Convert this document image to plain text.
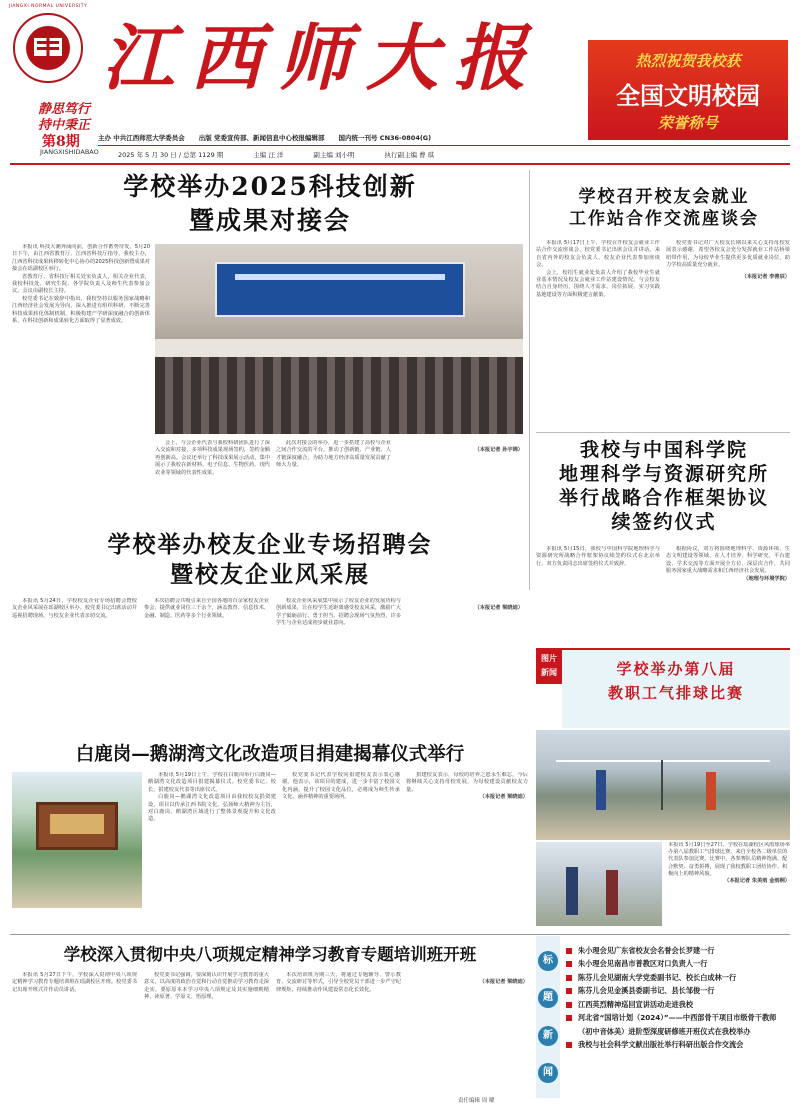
JIANGXI NORMAL UNIVERSITY
1940 江西师大报
静思笃行
持中秉正
第8期
JIANGXISHIDABAO
热烈祝贺我校获
全国文明校园
荣誉称号
主办 中共江西师范大学委员会 出版 党委宣传部、新闻信息中心校报编辑部 国内统一刊号 CN36-0804(G)
2025 年 5 月 30 日 / 总第 1129 期	主编 汪 洋	副主编 刘小明	执行副主编 曹 琪
学校举办2025科技创新
暨成果对接会

本报讯 科技大潮奔涌向前，创新合作蓄势待发。5月20日下午，由江西省教育厅、江西省科技厅指导，我校主办，江西省科技成果转移转化中心协办的2025科技创新暨成果对接会在瑶湖校区举行。

省教育厅、省科技厅相关处室负责人，相关企业代表，我校科技处、研究生院、各学院负责人及师生代表参加会议。会议由副校长主持。

校党委书记在致辞中指出，我校坚持以服务国家战略和江西经济社会发展为导向，深入推进有组织科研，不断完善科技成果转化体制机制，积极构建产学研深度融合的创新体系，在科技创新和成果转化方面取得了显著成效。

会上，与会企业代表与我校科研团队进行了深入交流和对接，多项科技成果现场签约，签约金额再创新高。会议还举行了科技成果展示活动，集中展示了我校在新材料、电子信息、生物医药、现代农业等领域的代表性成果。

此次对接会的举办，进一步搭建了高校与企业之间合作交流的平台，推动了创新链、产业链、人才链深度融合，为助力地方经济高质量发展贡献了师大力量。

（本报记者 孙宇锦）
学校召开校友会就业
工作站合作交流座谈会

本报讯 5月17日上午，学校召开校友会就业工作站合作交流座谈会，校党委书记出席会议并讲话。来自省内外的校友会负责人、校友企业代表参加座谈会。

会上，校招生就业处负责人介绍了我校毕业生就业基本情况及校友会就业工作站建设情况。与会校友结合自身经历，围绕人才需求、岗位拓展、实习实践基地建设等方面积极建言献策。

校党委书记对广大校友长期以来关心支持母校发展表示感谢，希望各校友会充分发挥就业工作站桥梁纽带作用，为母校毕业生提供更多优质就业岗位，助力学校高质量充分就业。

（本报记者 李善辰）
我校与中国科学院
地理科学与资源研究所
举行战略合作框架协议
续签约仪式

本报讯 5月15日，我校与中国科学院地理科学与资源研究所战略合作框架协议续签约仪式在北京举行。双方负责同志出席签约仪式并致辞。

根据协议，双方将围绕地理科学、资源环境、生态文明建设等领域，在人才培养、科学研究、平台建设、学术交流等方面开展全方位、深层次合作，共同服务国家重大战略需求和江西经济社会发展。

（地理与环境学院）
学校举办校友企业专场招聘会
暨校友企业风采展

本报讯 5月24日，学校校友企业专场招聘会暨校友企业风采展在瑶湖校区举办。校党委书记出席活动并巡视招聘现场，与校友企业代表亲切交流。

本次招聘会共吸引来自全国各地的百余家校友企业参会，提供就业岗位三千余个，涵盖教育、信息技术、金融、制造、医药等多个行业领域。

校友企业风采展集中展示了校友企业的发展历程与创新成果，让在校学生近距离感受校友风采，激励广大学子砥砺前行、勇于担当。招聘会现场气氛热烈，许多学生与企业达成初步就业意向。

（本报记者 梁晓迪）
图片
新闻	学校举办第八届
教职工气排球比赛
本报讯 5月19日至27日，学校在瑶湖校区风雨球场举办第八届教职工气排球比赛。来自全校各二级单位的代表队参加比赛。比赛中，各参赛队员精神饱满、配合默契、奋勇拼搏，展现了我校教职工团结协作、积极向上的精神风貌。
（本报记者 朱美雨 金雨桐）
白鹿岗—鹅湖湾文化改造项目捐建揭幕仪式举行

本报讯 5月19日上午，学校在白鹿岗举行白鹿岗—鹅湖湾文化改造项目捐建揭幕仪式。校党委书记、校长，捐建校友代表等出席仪式。

白鹿岗—鹅湖湾文化改造项目由我校校友捐资建设，项目以传承江西书院文化、弘扬师大精神为主旨，对白鹿岗、鹅湖湾区域进行了整体景观提升和文化改造。

校党委书记代表学校向捐建校友表示衷心感谢。他表示，该项目的建成，进一步丰富了校园文化内涵，提升了校园文化品位，必将成为师生传承文化、涵养精神的重要场所。

捐建校友表示，母校的培养之恩永生难忘，今后将继续关心支持母校发展，为母校建设贡献校友力量。

（本报记者 梁晓迪）
学校深入贯彻中央八项规定精神学习教育专题培训班开班

本报讯 5月27日下午，学校深入贯彻中央八项规定精神学习教育专题培训班在瑶湖校区开班。校党委书记出席开班式并作动员讲话。

校党委书记强调，要深刻认识开展学习教育的重大意义，以高度的政治自觉和行动自觉推动学习教育走深走实。要原原本本学习中央八项规定及其实施细则精神，读原著、学原文、悟原理。

本次培训班为期三天，将通过专题辅导、警示教育、交流研讨等形式，引导全校党员干部进一步严守纪律规矩，持续推动作风建设常态化长效化。

（本报记者 梁晓迪）
责任编辑 周 曜
标
题
新
闻
朱小理会见广东省校友会名誉会长罗建一行
朱小理会见南昌市普教区对口负责人一行
陈芬儿会见湖南大学党委副书记、校长白成林一行
陈芬儿会见金溪县委副书记、县长邹俊一行
江西英烈精神巡回宣讲活动走进我校
河北省“国培计划（2024）”——中西部骨干项目市级骨干教师
（初中音体美）进阶型深度研修班开班仪式在我校举办
我校与社会科学文献出版社举行科研出版合作交流会
